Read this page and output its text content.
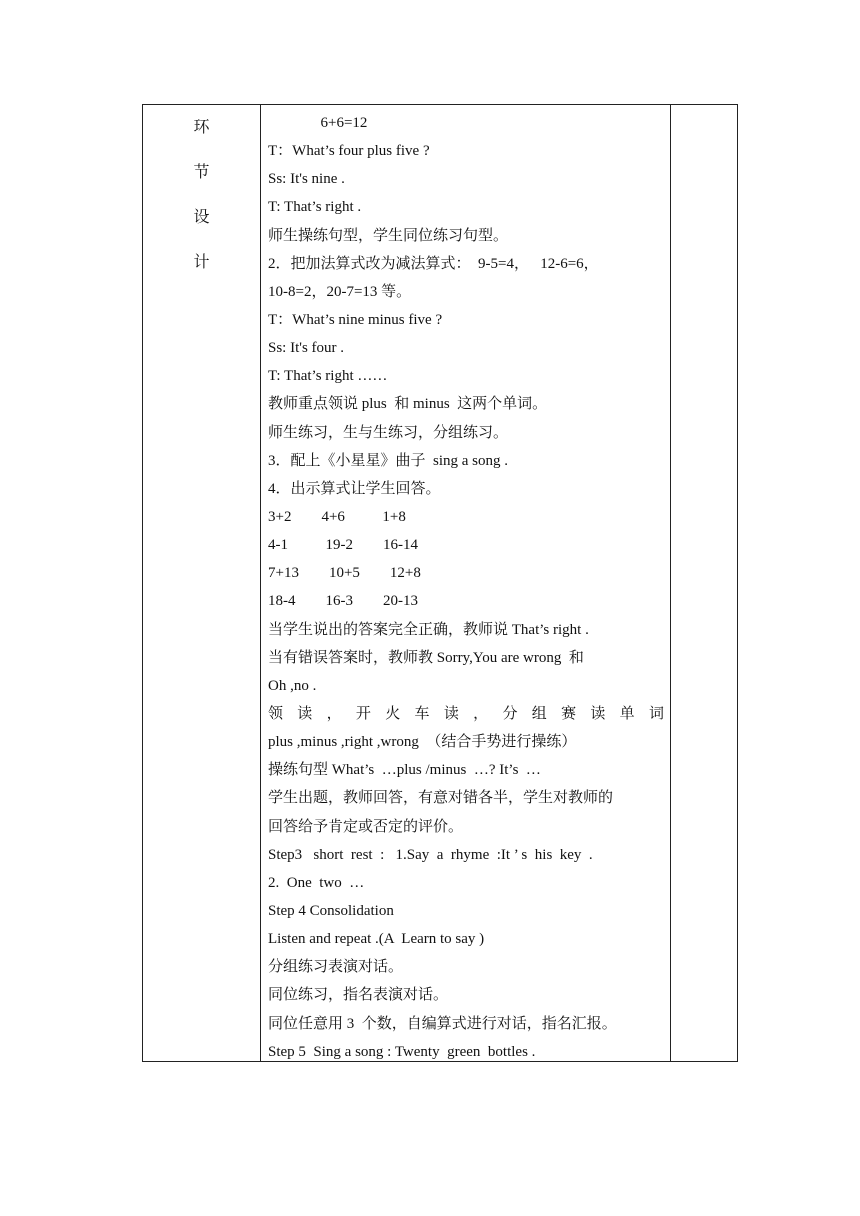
环
节
设
计
6+6=12
T：What’s four plus five ?
Ss: It's nine .
T: That’s right .
师生操练句型，学生同位练习句型。
2．把加法算式改为减法算式：  9-5=4，   12-6=6，
10-8=2，20-7=13 等。
T：What’s nine minus five ?
Ss: It's four .
T: That’s right ……
教师重点领说 plus  和 minus  这两个单词。
师生练习，生与生练习，分组练习。
3．配上《小星星》曲子  sing a song .
4．出示算式让学生回答。
3+2        4+6          1+8
4-1          19-2        16-14
7+13        10+5        12+8
18-4        16-3        20-13
当学生说出的答案完全正确，教师说 That’s right .
当有错误答案时，教师教 Sorry,You are wrong  和
Oh ,no .
领 读 ， 开 火 车 读 ， 分 组 赛 读 单 词
plus ,minus ,right ,wrong  （结合手势进行操练）
操练句型 What’s  …plus /minus  …? It’s  …
学生出题，教师回答，有意对错各半，学生对教师的
回答给予肯定或否定的评价。
Step3   short  rest  :   1.Say  a  rhyme  :It ’ s  his  key  .
2.  One  two  …
Step 4 Consolidation
Listen and repeat .(A  Learn to say )
分组练习表演对话。
同位练习，指名表演对话。
同位任意用 3  个数，自编算式进行对话，指名汇报。
Step 5  Sing a song : Twenty  green  bottles .
